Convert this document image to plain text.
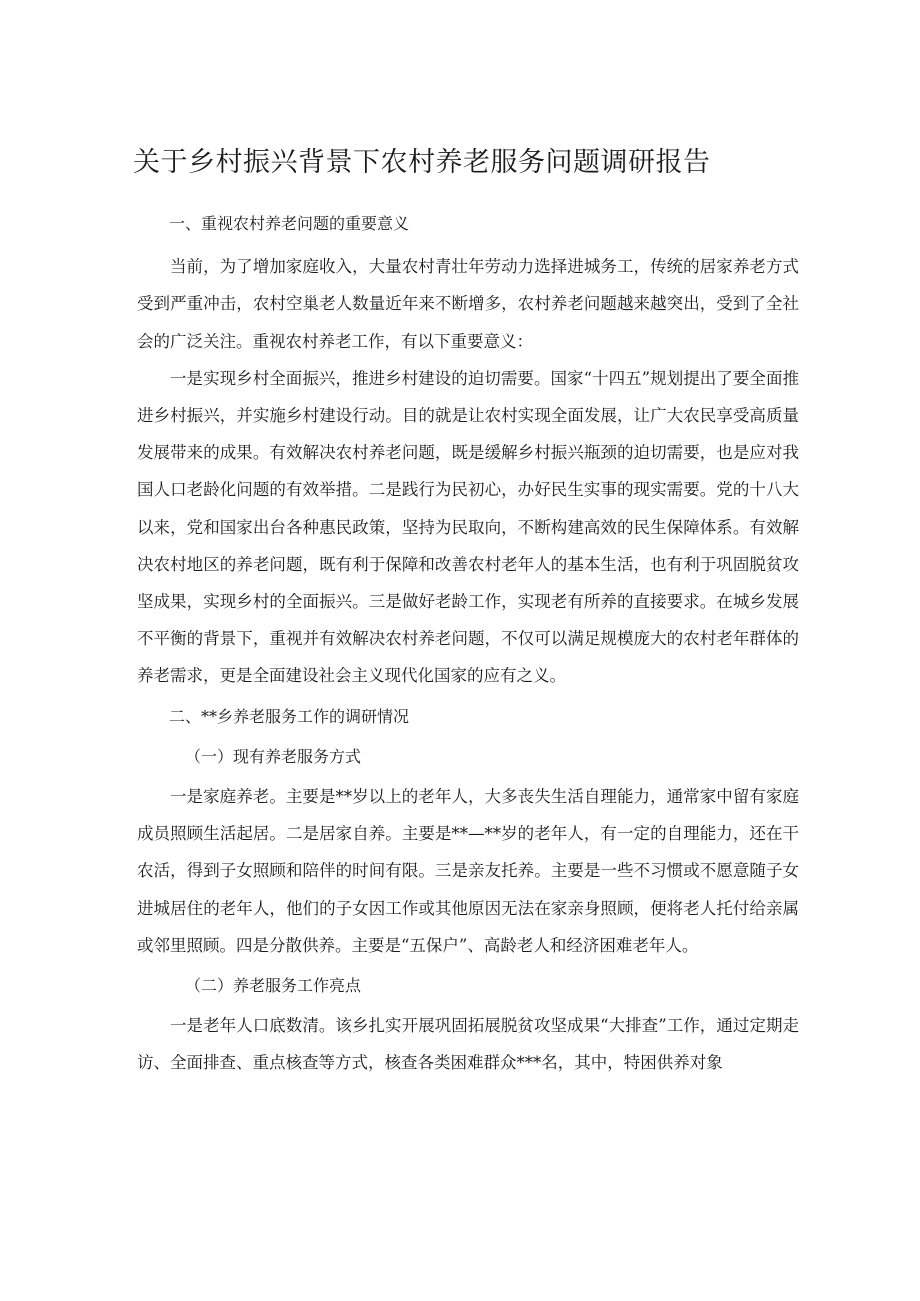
关于乡村振兴背景下农村养老服务问题调研报告

一、重视农村养老问题的重要意义

当前，为了增加家庭收入，大量农村青壮年劳动力选择进城务工，传统的居家养老方式受到严重冲击，农村空巢老人数量近年来不断增多，农村养老问题越来越突出，受到了全社会的广泛关注。重视农村养老工作，有以下重要意义：

一是实现乡村全面振兴，推进乡村建设的迫切需要。国家“十四五”规划提出了要全面推进乡村振兴，并实施乡村建设行动。目的就是让农村实现全面发展，让广大农民享受高质量发展带来的成果。有效解决农村养老问题，既是缓解乡村振兴瓶颈的迫切需要，也是应对我国人口老龄化问题的有效举措。二是践行为民初心，办好民生实事的现实需要。党的十八大以来，党和国家出台各种惠民政策，坚持为民取向，不断构建高效的民生保障体系。有效解决农村地区的养老问题，既有利于保障和改善农村老年人的基本生活，也有利于巩固脱贫攻坚成果，实现乡村的全面振兴。三是做好老龄工作，实现老有所养的直接要求。在城乡发展不平衡的背景下，重视并有效解决农村养老问题，不仅可以满足规模庞大的农村老年群体的养老需求，更是全面建设社会主义现代化国家的应有之义。

二、**乡养老服务工作的调研情况

（一）现有养老服务方式

一是家庭养老。主要是**岁以上的老年人，大多丧失生活自理能力，通常家中留有家庭成员照顾生活起居。二是居家自养。主要是**—**岁的老年人，有一定的自理能力，还在干农活，得到子女照顾和陪伴的时间有限。三是亲友托养。主要是一些不习惯或不愿意随子女进城居住的老年人，他们的子女因工作或其他原因无法在家亲身照顾，便将老人托付给亲属或邻里照顾。四是分散供养。主要是“五保户”、高龄老人和经济困难老年人。

（二）养老服务工作亮点

一是老年人口底数清。该乡扎实开展巩固拓展脱贫攻坚成果“大排查”工作，通过定期走访、全面排查、重点核查等方式，核查各类困难群众***名，其中，特困供养对象
